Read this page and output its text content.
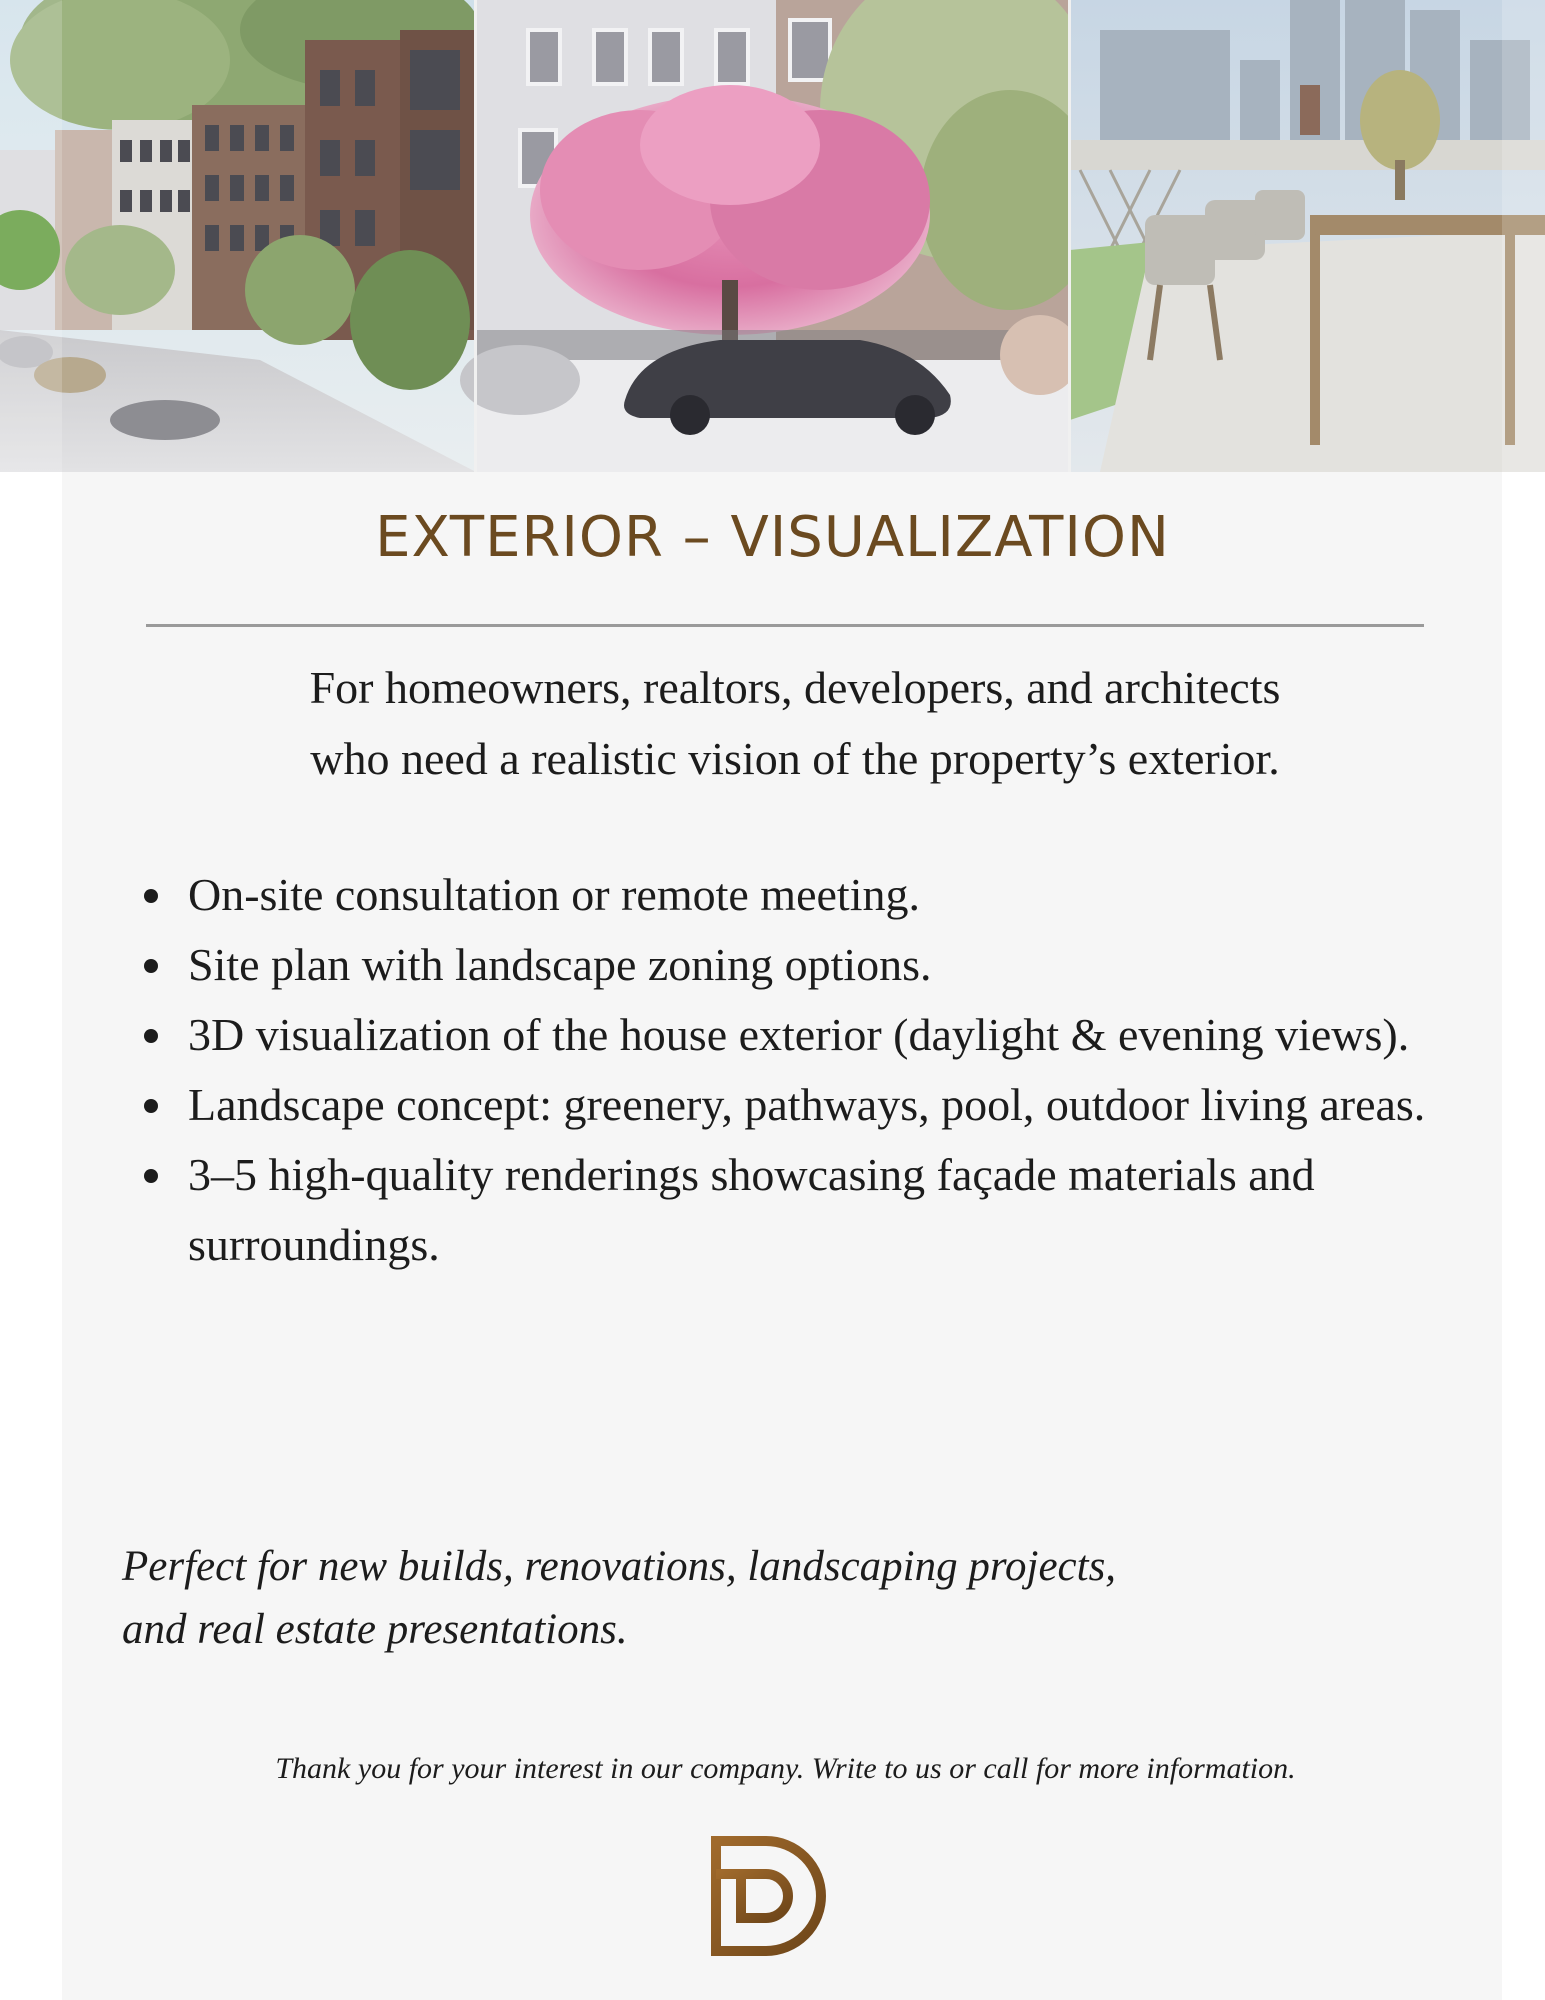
EXTERIOR – VISUALIZATION
For homeowners, realtors, developers, and architects
who need a realistic vision of the property’s exterior.
On-site consultation or remote meeting.
Site plan with landscape zoning options.
3D visualization of the house exterior (daylight & evening views).
Landscape concept: greenery, pathways, pool, outdoor living areas.
3–5 high-quality renderings showcasing façade materials and surroundings.
Perfect for new builds, renovations, landscaping projects,
and real estate presentations.
Thank you for your interest in our company. Write to us or call for more information.
